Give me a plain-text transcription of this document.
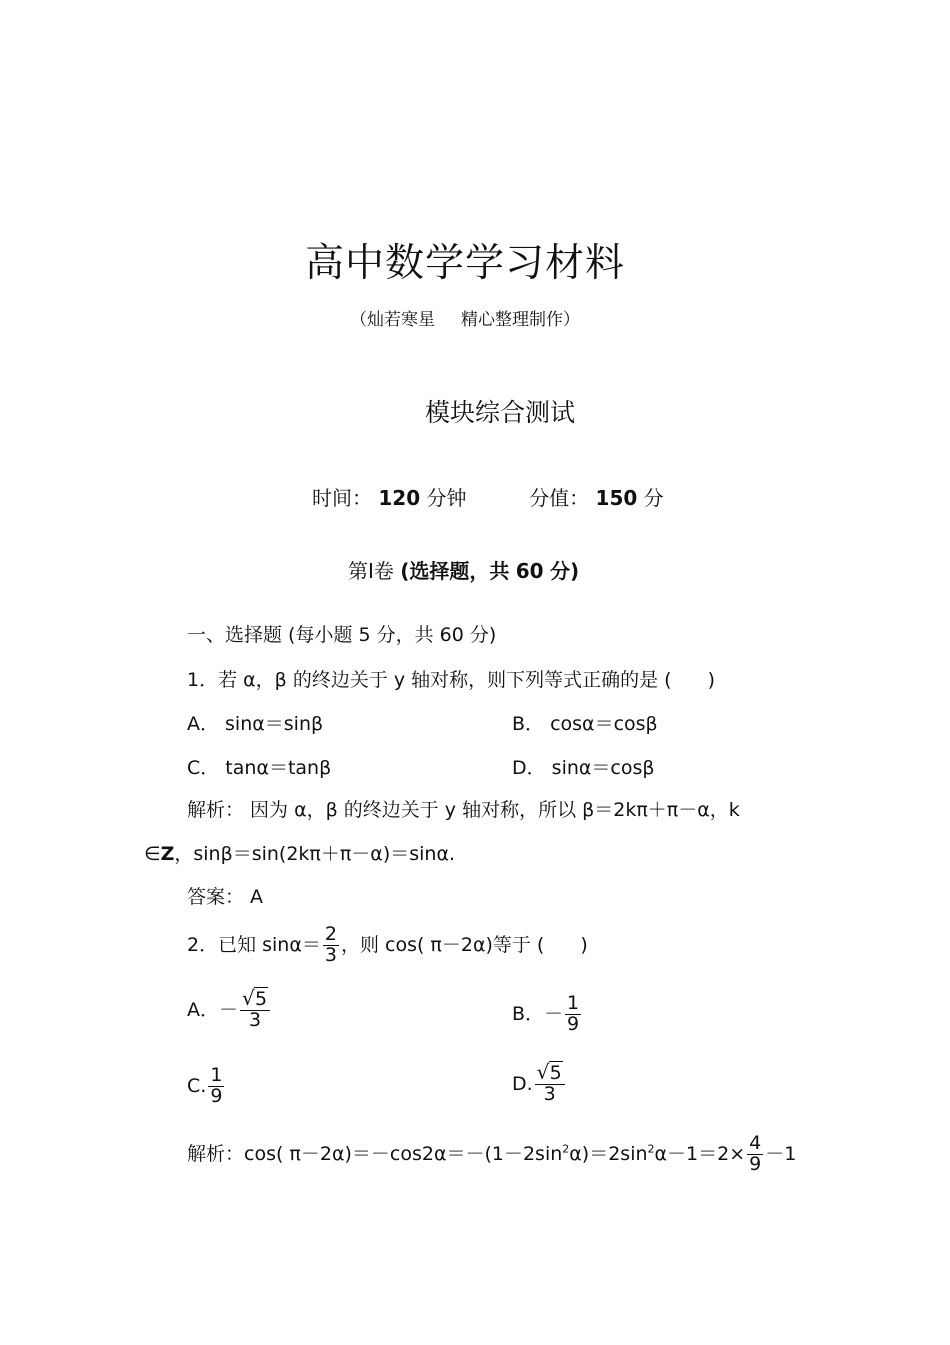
高中数学学习材料
（灿若寒星 精心整理制作）
模块综合测试
时间： 120 分钟	分值： 150 分
第Ⅰ卷 (选择题，共 60 分)
一、选择题 (每小题 5 分，共 60 分)
1．若 α，β 的终边关于 y 轴对称，则下列等式正确的是 ( )
A． sinα＝sinβ	B． cosα＝cosβ
C． tanα＝tanβ	D． sinα＝cosβ
解析： 因为 α，β 的终边关于 y 轴对称，所以 β＝2kπ＋π－α，k
∈Z，sinβ＝sin(2kπ＋π－α)＝sinα.
答案： A
2．已知 $\sin\alpha= \frac{2}{3}$ ，则 cos( π－2α)等于 ( )
A．－ $\frac{√ 5}{3}$	B．－ $\frac{1}{9}$
C. $\frac{1}{9}$	D. $\frac{√ 5}{3}$
解析：cos( $\pi-2\alpha)=-\cos 2\alpha=-(1-2\sin^2\alpha)=2\sin^2\alpha-1=2\times \frac{4}{9} -1$
